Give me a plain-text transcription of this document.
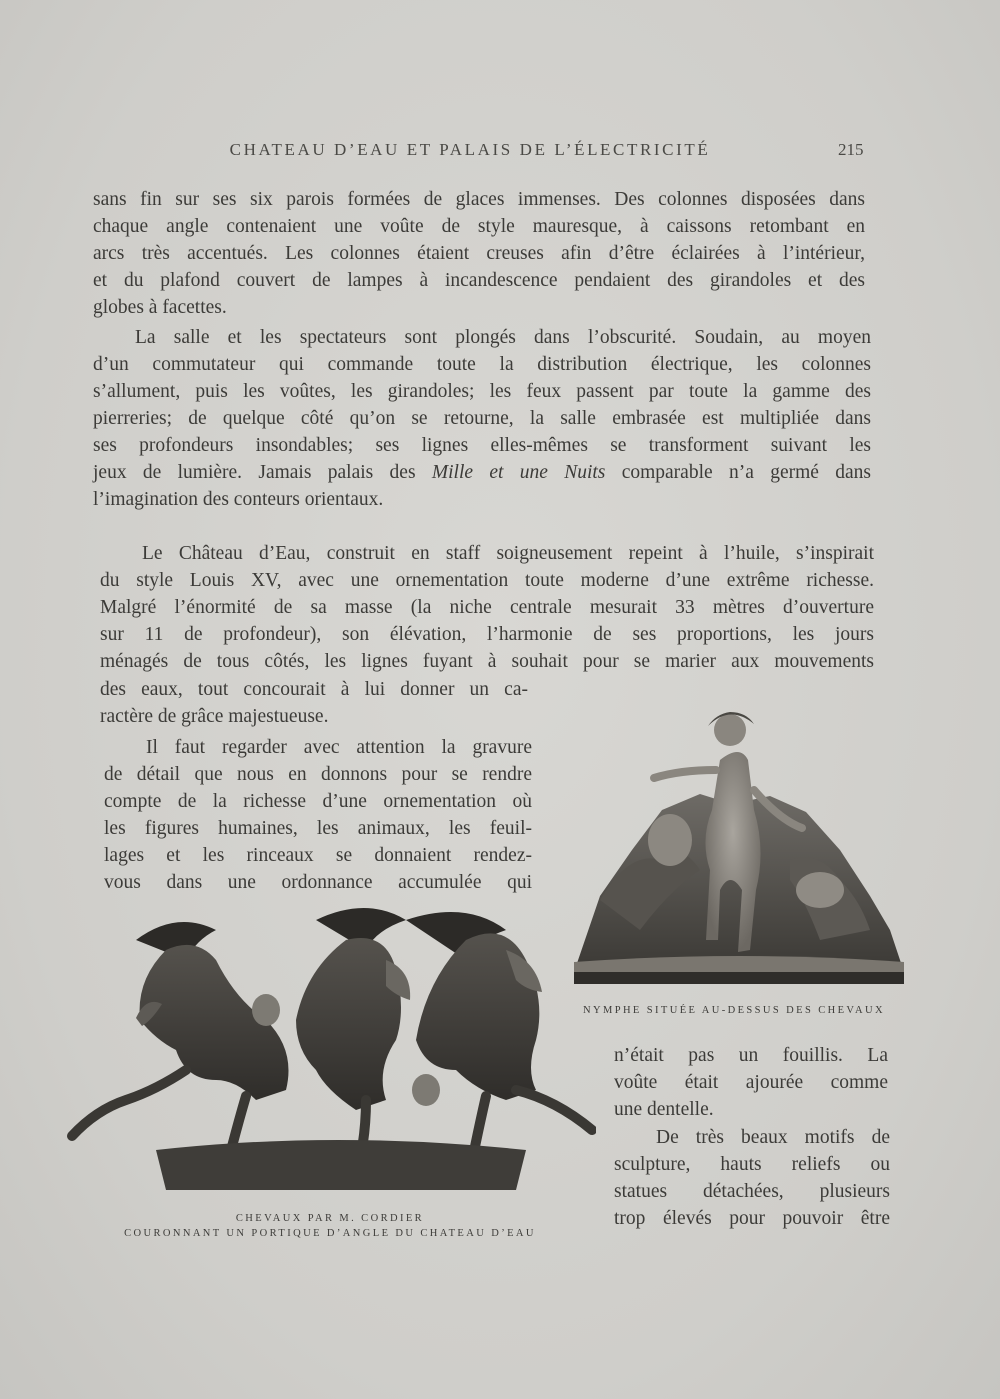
CHATEAU D’EAU ET PALAIS DE L’ÉLECTRICITÉ	215

sans fin sur ses six parois formées de glaces immenses. Des colonnes disposées dans
chaque angle contenaient une voûte de style mauresque, à caissons retombant en
arcs très accentués. Les colonnes étaient creuses afin d’être éclairées à l’intérieur,
et du plafond couvert de lampes à incandescence pendaient des girandoles et des
globes à facettes.

La salle et les spectateurs sont plongés dans l’obscurité. Soudain, au moyen
d’un commutateur qui commande toute la distribution électrique, les colonnes
s’allument, puis les voûtes, les girandoles; les feux passent par toute la gamme des
pierreries; de quelque côté qu’on se retourne, la salle embrasée est multipliée dans
ses profondeurs insondables; ses lignes elles-mêmes se transforment suivant les
jeux de lumière. Jamais palais des Mille et une Nuits comparable n’a germé dans
l’imagination des conteurs orientaux.

Le Château d’Eau, construit en staff soigneusement repeint à l’huile, s’inspirait
du style Louis XV, avec une ornementation toute moderne d’une extrême richesse.
Malgré l’énormité de sa masse (la niche centrale mesurait 33 mètres d’ouverture
sur 11 de profondeur), son élévation, l’harmonie de ses proportions, les jours
ménagés de tous côtés, les lignes fuyant à souhait pour se marier aux mouvements

des eaux, tout concourait à lui donner un ca-
ractère de grâce majestueuse.

Il faut regarder avec attention la gravure
de détail que nous en donnons pour se rendre
compte de la richesse d’une ornementation où
les figures humaines, les animaux, les feuil-
lages et les rinceaux se donnaient rendez-
vous dans une ordonnance accumulée qui

NYMPHE SITUÉE AU-DESSUS DES CHEVAUX
CHEVAUX PAR M. CORDIER
COURONNANT UN PORTIQUE D’ANGLE DU CHATEAU D’EAU

n’était pas un fouillis. La
voûte était ajourée comme
une dentelle.

De très beaux motifs de
sculpture, hauts reliefs ou
statues détachées, plusieurs
trop élevés pour pouvoir être
